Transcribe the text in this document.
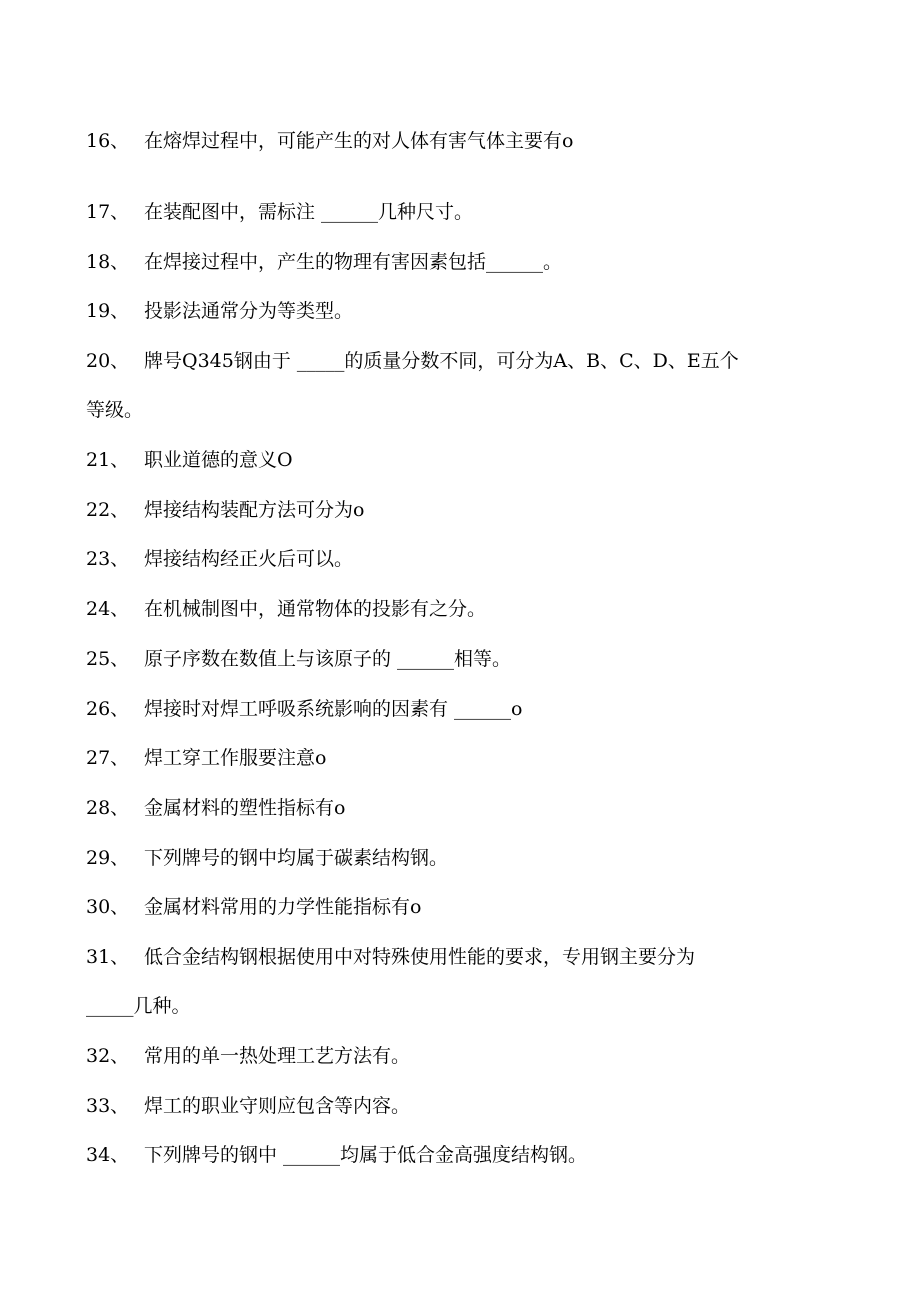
16、 在熔焊过程中，可能产生的对人体有害气体主要有o
17、 在装配图中，需标注 ______几种尺寸。
18、 在焊接过程中，产生的物理有害因素包括______。
19、 投影法通常分为等类型。
20、 牌号Q345钢由于 _____的质量分数不同，可分为A、B、C、D、E五个
等级。
21、 职业道德的意义O
22、 焊接结构装配方法可分为o
23、 焊接结构经正火后可以。
24、 在机械制图中，通常物体的投影有之分。
25、 原子序数在数值上与该原子的 ______相等。
26、 焊接时对焊工呼吸系统影响的因素有 ______o
27、 焊工穿工作服要注意o
28、 金属材料的塑性指标有o
29、 下列牌号的钢中均属于碳素结构钢。
30、 金属材料常用的力学性能指标有o
31、 低合金结构钢根据使用中对特殊使用性能的要求，专用钢主要分为
_____几种。
32、 常用的单一热处理工艺方法有。
33、 焊工的职业守则应包含等内容。
34、 下列牌号的钢中 ______均属于低合金高强度结构钢。
